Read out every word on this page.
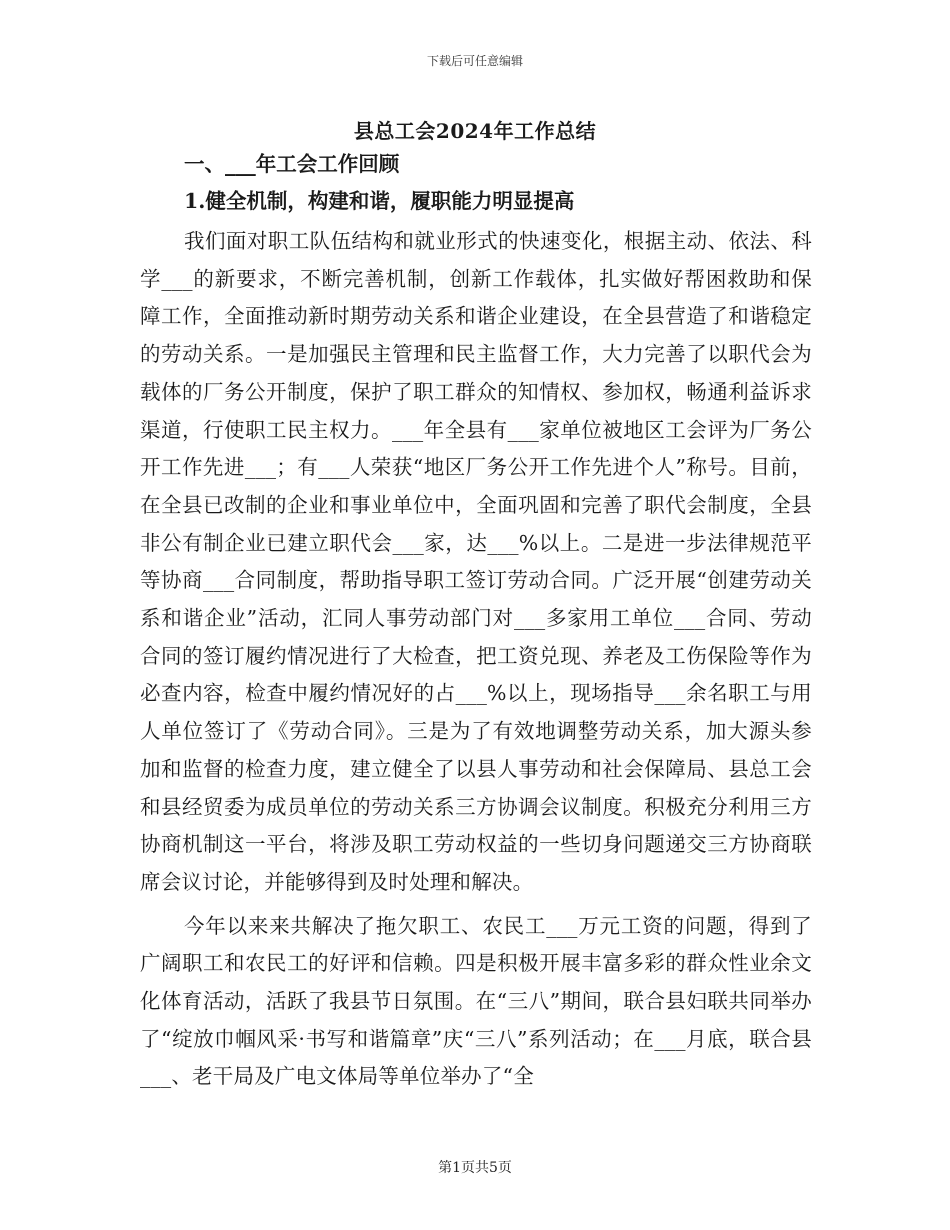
下载后可任意编辑
县总工会2024年工作总结

一、___年工会工作回顾

1.健全机制，构建和谐，履职能力明显提高

我们面对职工队伍结构和就业形式的快速变化，根据主动、依法、科学___的新要求，不断完善机制，创新工作载体，扎实做好帮困救助和保障工作，全面推动新时期劳动关系和谐企业建设，在全县营造了和谐稳定的劳动关系。一是加强民主管理和民主监督工作，大力完善了以职代会为载体的厂务公开制度，保护了职工群众的知情权、参加权，畅通利益诉求渠道，行使职工民主权力。___年全县有___家单位被地区工会评为厂务公开工作先进___；有___人荣获“地区厂务公开工作先进个人”称号。目前，在全县已改制的企业和事业单位中，全面巩固和完善了职代会制度，全县非公有制企业已建立职代会___家，达___%以上。二是进一步法律规范平等协商___合同制度，帮助指导职工签订劳动合同。广泛开展“创建劳动关系和谐企业”活动，汇同人事劳动部门对___多家用工单位___合同、劳动合同的签订履约情况进行了大检查，把工资兑现、养老及工伤保险等作为必查内容，检查中履约情况好的占___%以上，现场指导___余名职工与用人单位签订了《劳动合同》。三是为了有效地调整劳动关系，加大源头参加和监督的检查力度，建立健全了以县人事劳动和社会保障局、县总工会和县经贸委为成员单位的劳动关系三方协调会议制度。积极充分利用三方协商机制这一平台，将涉及职工劳动权益的一些切身问题递交三方协商联席会议讨论，并能够得到及时处理和解决。

今年以来来共解决了拖欠职工、农民工___万元工资的问题，得到了广阔职工和农民工的好评和信赖。四是积极开展丰富多彩的群众性业余文化体育活动，活跃了我县节日氛围。在“三八”期间，联合县妇联共同举办了“绽放巾帼风采·书写和谐篇章”庆“三八”系列活动；在___月底，联合县___、老干局及广电文体局等单位举办了“全

第1页共5页
